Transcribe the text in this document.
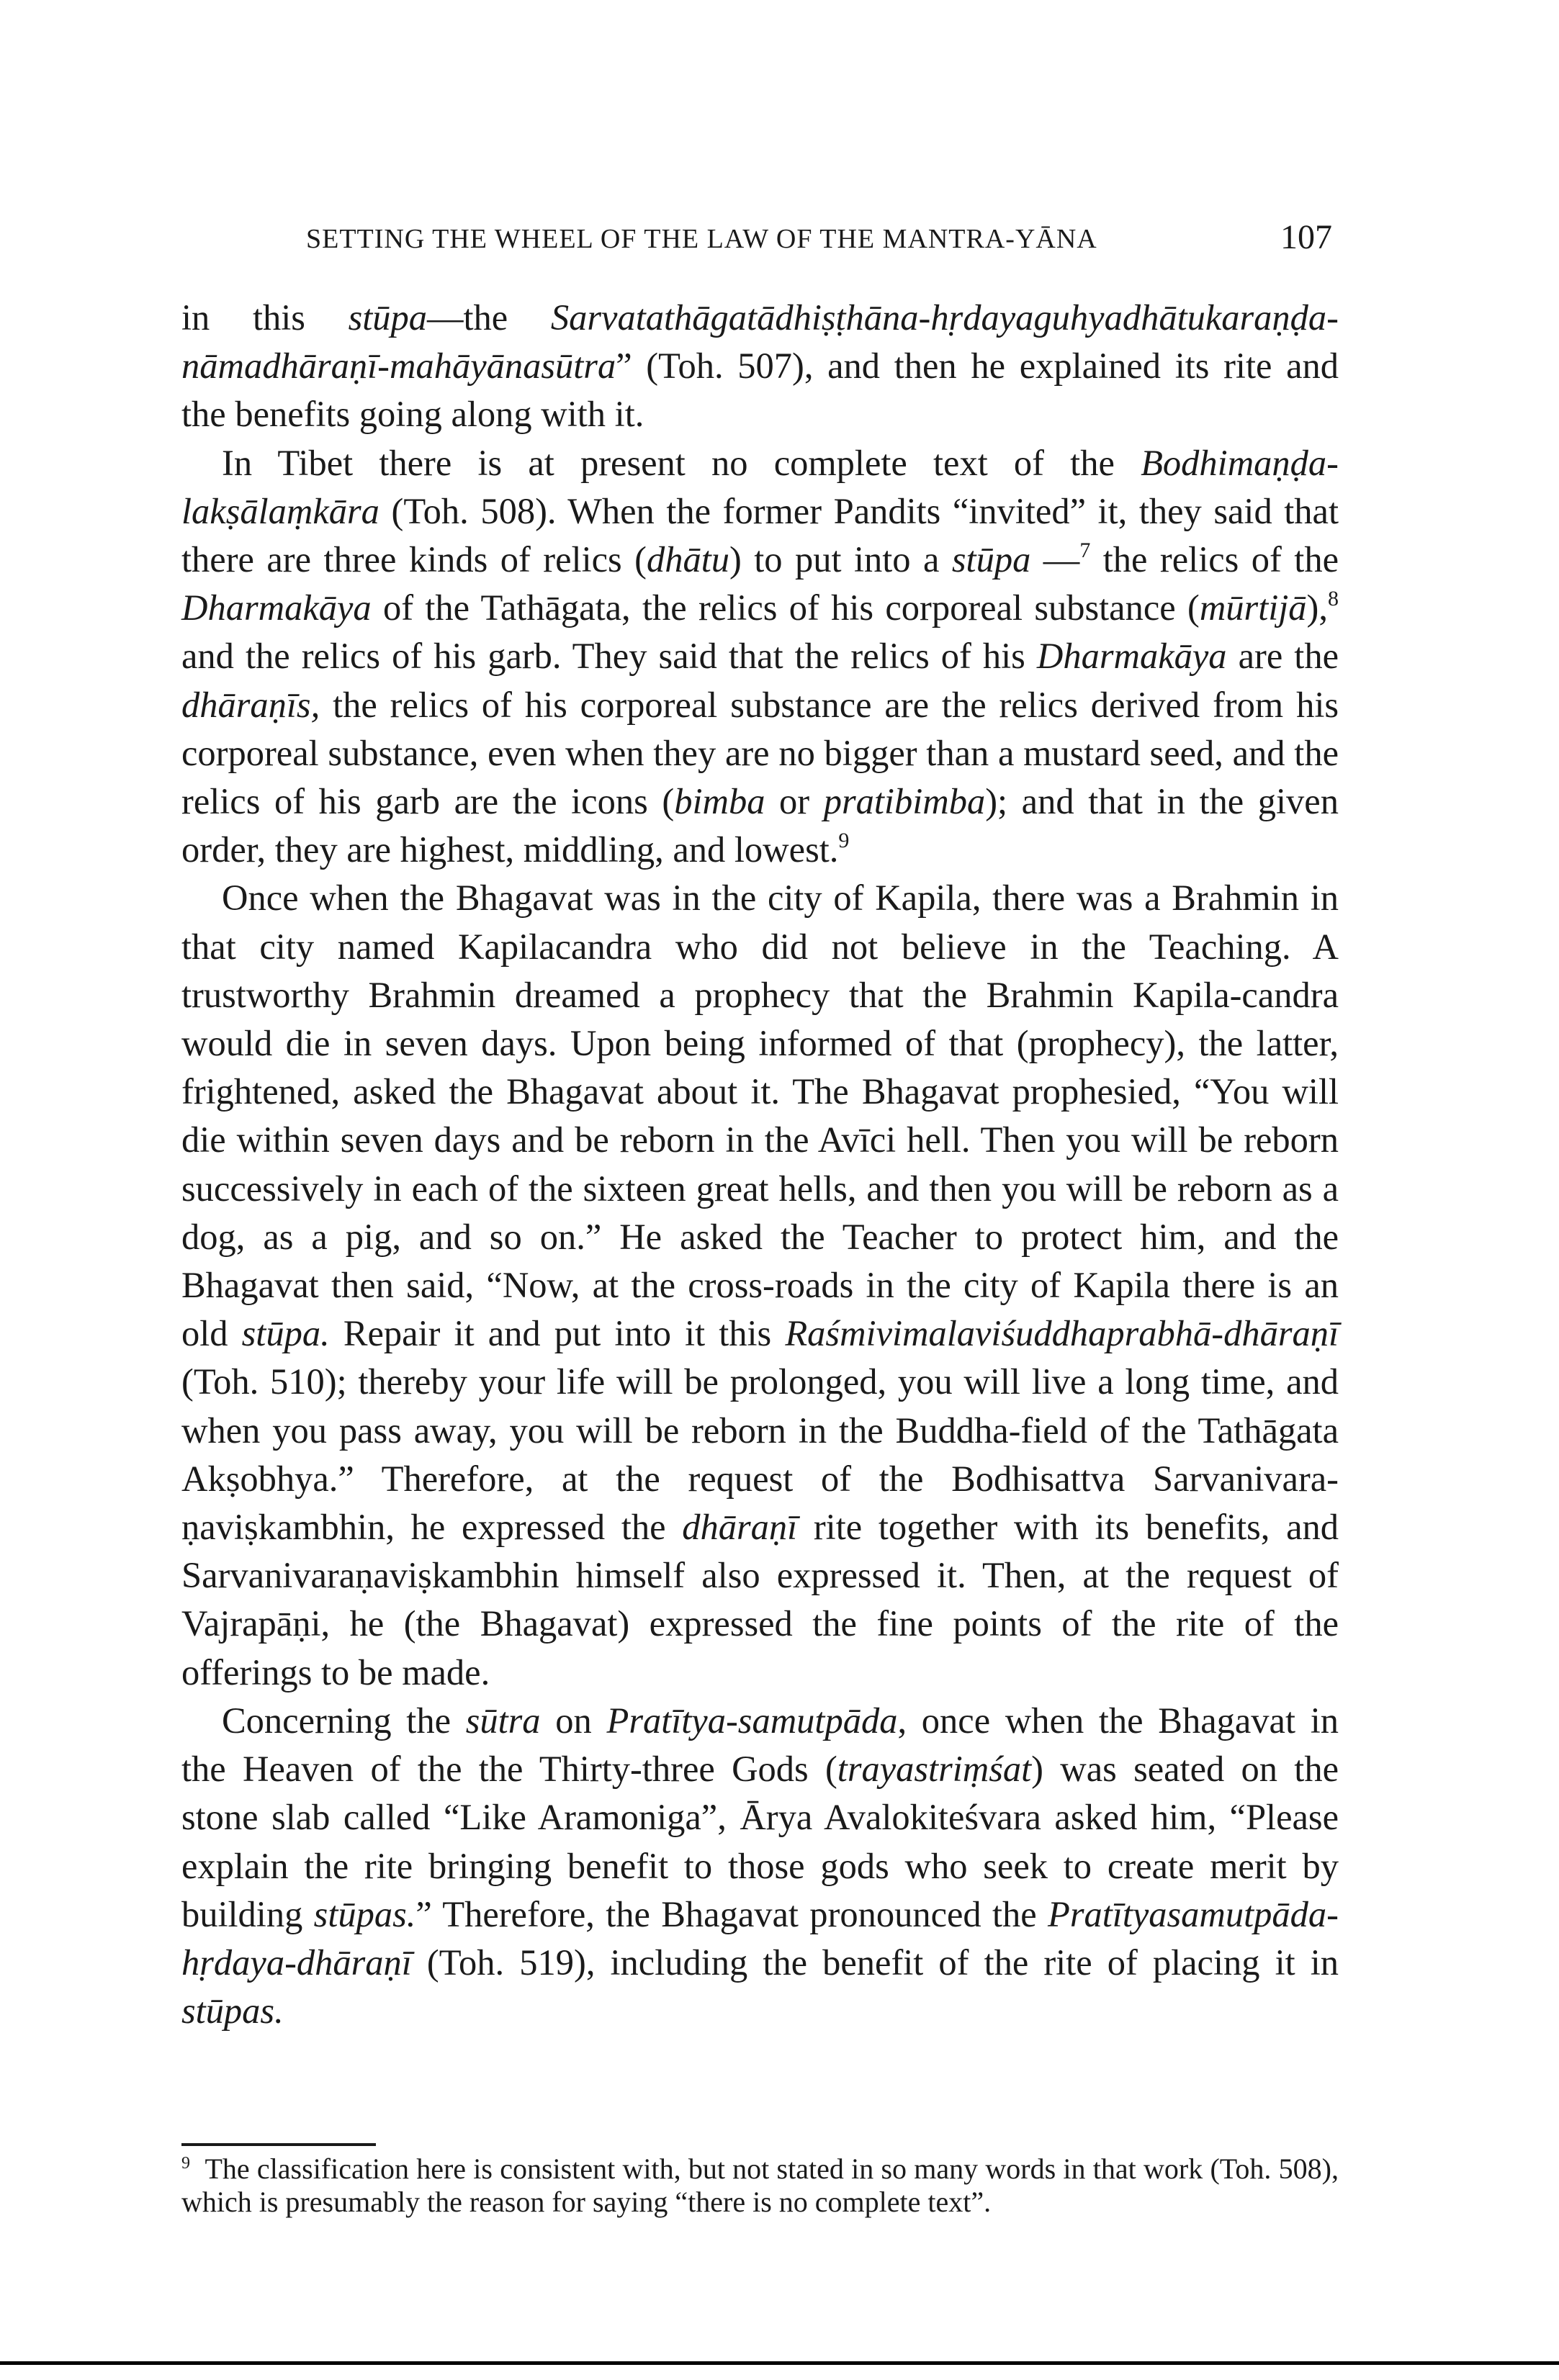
SETTING THE WHEEL OF THE LAW OF THE MANTRA-YĀNA	107

in this stūpa—the Sarvatathāgatādhiṣṭhāna-hṛdayaguhyadhātukaraṇḍa-nāmadhāraṇī-mahāyānasūtra” (Toh. 507), and then he explained its rite and the benefits going along with it.

In Tibet there is at present no complete text of the Bodhimaṇḍa-lakṣālaṃkāra (Toh. 508). When the former Pandits “invited” it, they said that there are three kinds of relics (dhātu) to put into a stūpa —$^7$ the relics of the Dharmakāya of the Tathāgata, the relics of his corporeal substance (mūrtijā),$^8$ and the relics of his garb. They said that the relics of his Dharmakāya are the dhāraṇīs, the relics of his corporeal substance are the relics derived from his corporeal substance, even when they are no bigger than a mustard seed, and the relics of his garb are the icons (bimba or pratibimba); and that in the given order, they are highest, middling, and lowest.$^9$

Once when the Bhagavat was in the city of Kapila, there was a Brahmin in that city named Kapilacandra who did not believe in the Teaching. A trustworthy Brahmin dreamed a prophecy that the Brahmin Kapila-candra would die in seven days. Upon being informed of that (prophecy), the latter, frightened, asked the Bhagavat about it. The Bhagavat prophesied, “You will die within seven days and be reborn in the Avīci hell. Then you will be reborn successively in each of the sixteen great hells, and then you will be reborn as a dog, as a pig, and so on.” He asked the Teacher to protect him, and the Bhagavat then said, “Now, at the cross-roads in the city of Kapila there is an old stūpa. Repair it and put into it this Raśmivimalaviśuddhaprabhā-dhāraṇī (Toh. 510); thereby your life will be prolonged, you will live a long time, and when you pass away, you will be reborn in the Buddha-field of the Tathāgata Akṣobhya.” Therefore, at the request of the Bodhisattva Sarvanivara-ṇaviṣkambhin, he expressed the dhāraṇī rite together with its benefits, and Sarvanivaraṇaviṣkambhin himself also expressed it. Then, at the request of Vajrapāṇi, he (the Bhagavat) expressed the fine points of the rite of the offerings to be made.

Concerning the sūtra on Pratītya-samutpāda, once when the Bhagavat in the Heaven of the the Thirty-three Gods (trayastriṃśat) was seated on the stone slab called “Like Aramoniga”, Ārya Avalokiteśvara asked him, “Please explain the rite bringing benefit to those gods who seek to create merit by building stūpas.” Therefore, the Bhagavat pronounced the Pratītyasamutpāda-hṛdaya-dhāraṇī (Toh. 519), including the benefit of the rite of placing it in stūpas.

$^9$ The classification here is consistent with, but not stated in so many words in that work (Toh. 508), which is presumably the reason for saying “there is no complete text”.
